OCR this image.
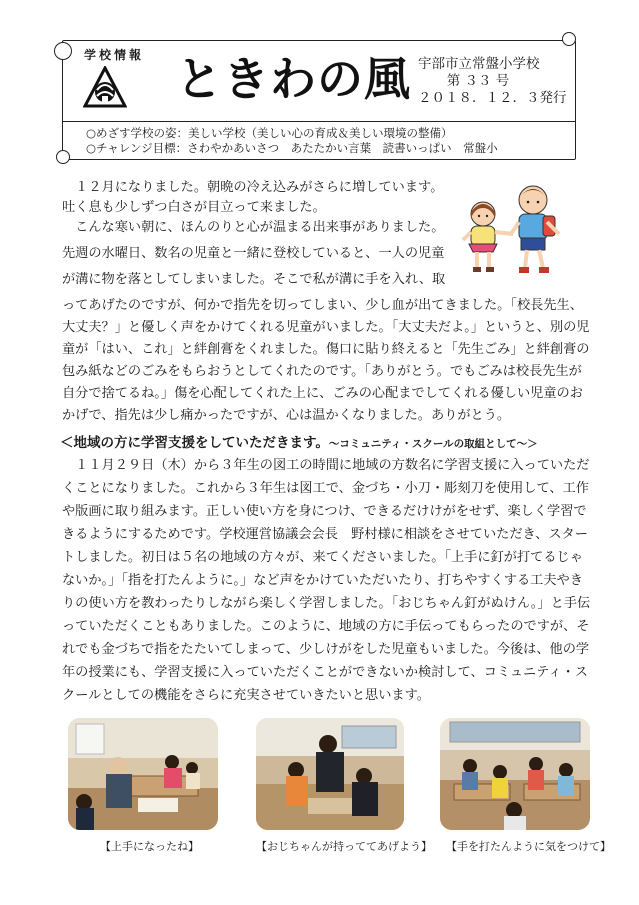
学校情報 ときわの風 宇部市立常盤小学校
第 ３３ 号
２０１８．１２．３発行
○めざす学校の姿：美しい学校（美しい心の育成＆美しい環境の整備）
○チャレンジ目標：さわやかあいさつ　あたたかい言葉　読書いっぱい　常盤小
　１２月になりました。朝晩の冷え込みがさらに増しています。
吐く息も少しずつ白さが目立って来ました。
　こんな寒い朝に、ほんのりと心が温まる出来事がありました。
先週の水曜日、数名の児童と一緒に登校していると、一人の児童
が溝に物を落としてしまいました。そこで私が溝に手を入れ、取
ってあげたのですが、何かで指先を切ってしまい、少し血が出てきました。「校長先生、
大丈夫？」と優しく声をかけてくれる児童がいました。「大丈夫だよ。」というと、別の児
童が「はい、これ」と絆創膏をくれました。傷口に貼り終えると「先生ごみ」と絆創膏の
包み紙などのごみをもらおうとしてくれたのです。「ありがとう。でもごみは校長先生が
自分で捨てるね。」傷を心配してくれた上に、ごみの心配までしてくれる優しい児童のお
かげで、指先は少し痛かったですが、心は温かくなりました。ありがとう。
＜地域の方に学習支援をしていただきます。～コミュニティ・スクールの取組として～＞
　１１月２９日（木）から３年生の図工の時間に地域の方数名に学習支援に入っていただ
くことになりました。これから３年生は図工で、金づち・小刀・彫刻刀を使用して、工作
や版画に取り組みます。正しい使い方を身につけ、できるだけけがをせず、楽しく学習で
きるようにするためです。学校運営協議会会長　野村様に相談をさせていただき、スター
トしました。初日は５名の地域の方々が、来てくださいました。「上手に釘が打てるじゃ
ないか。」「指を打たんように。」など声をかけていただいたり、打ちやすくする工夫やき
りの使い方を教わったりしながら楽しく学習しました。「おじちゃん釘がぬけん。」と手伝
っていただくこともありました。このように、地域の方に手伝ってもらったのですが、そ
れでも金づちで指をたたいてしまって、少しけがをした児童もいました。今後は、他の学
年の授業にも、学習支援に入っていただくことができないか検討して、コミュニティ・ス
クールとしての機能をさらに充実させていきたいと思います。
【上手になったね】	【おじちゃんが持っててあげよう】 【手を打たんように気をつけて】
